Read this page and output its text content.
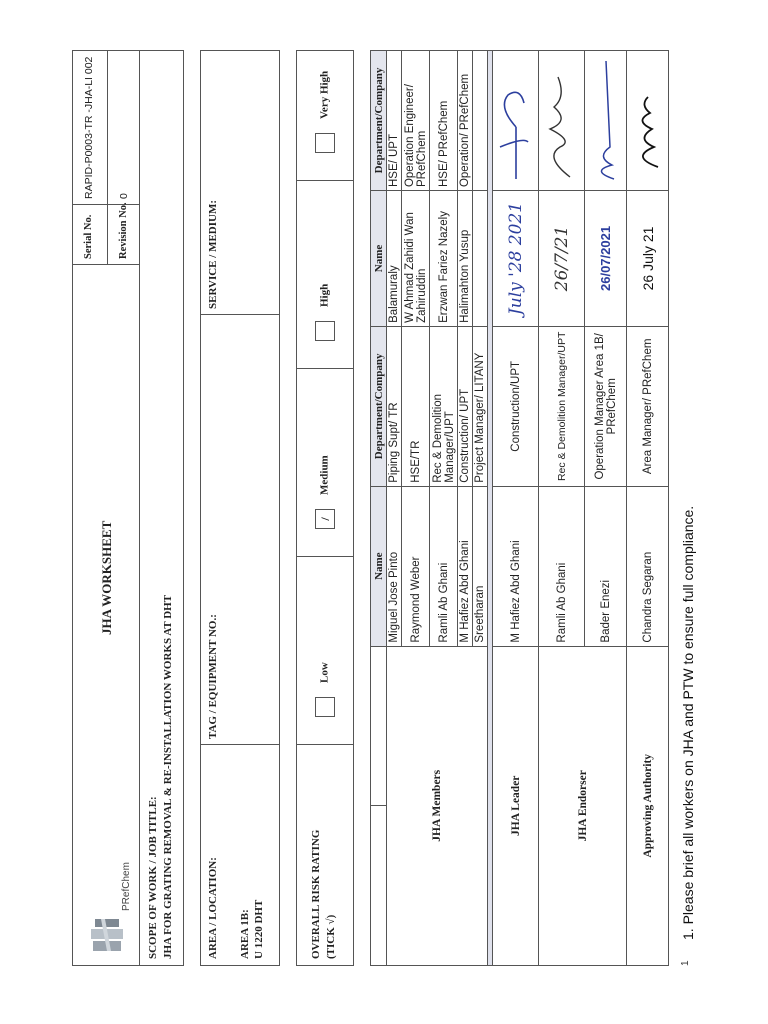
PRefChem
JHA WORKSHEET
Serial No.
RAPID-P0003-TR -JHA-LI 002
Revision No.
0
SCOPE OF WORK / JOB TITLE: JHA FOR GRATING REMOVAL & RE-INSTALLATION WORKS AT DHT	AREA / LOCATION: AREA 1B: U 1220 DHT
TAG / EQUIPMENT NO.:
SERVICE / MEDIUM:
OVERALL RISK RATING (TICK √)
Low
/Medium
High
Very High
		Name	Department/Company	Name	Department/Company
JHA Members		Miguel Jose Pinto	Piping Supt/ TR	Balamuraly	HSE/ UPT
		Raymond Weber	HSE/TR	W Ahmad Zahidi Wan Zahiruddin	Operation Engineer/ PRefChem
		Ramli Ab Ghani	Rec & Demolition Manager/UPT	Erzwan Fariez Nazely	HSE/ PRefChem
		M Hafiez Abd Ghani	Construction/ UPT	Halimahton Yusup	Operation/ PRefChem
		Sreetharan	Project Manager/ LITANY		

JHA Leader		M Hafiez Abd Ghani	Construction/UPT	July '28 2021	
JHA Endorser		Ramli Ab Ghani	Rec & Demolition Manager/UPT	26/7/21	
		Bader Enezi	Operation Manager Area 1B/ PRefChem	26/07/2021	
Approving Authority		Chandra Segaran	Area Manager/ PRefChem	26 July 21	
1. Please brief all workers on JHA and PTW to ensure full compliance.
1
